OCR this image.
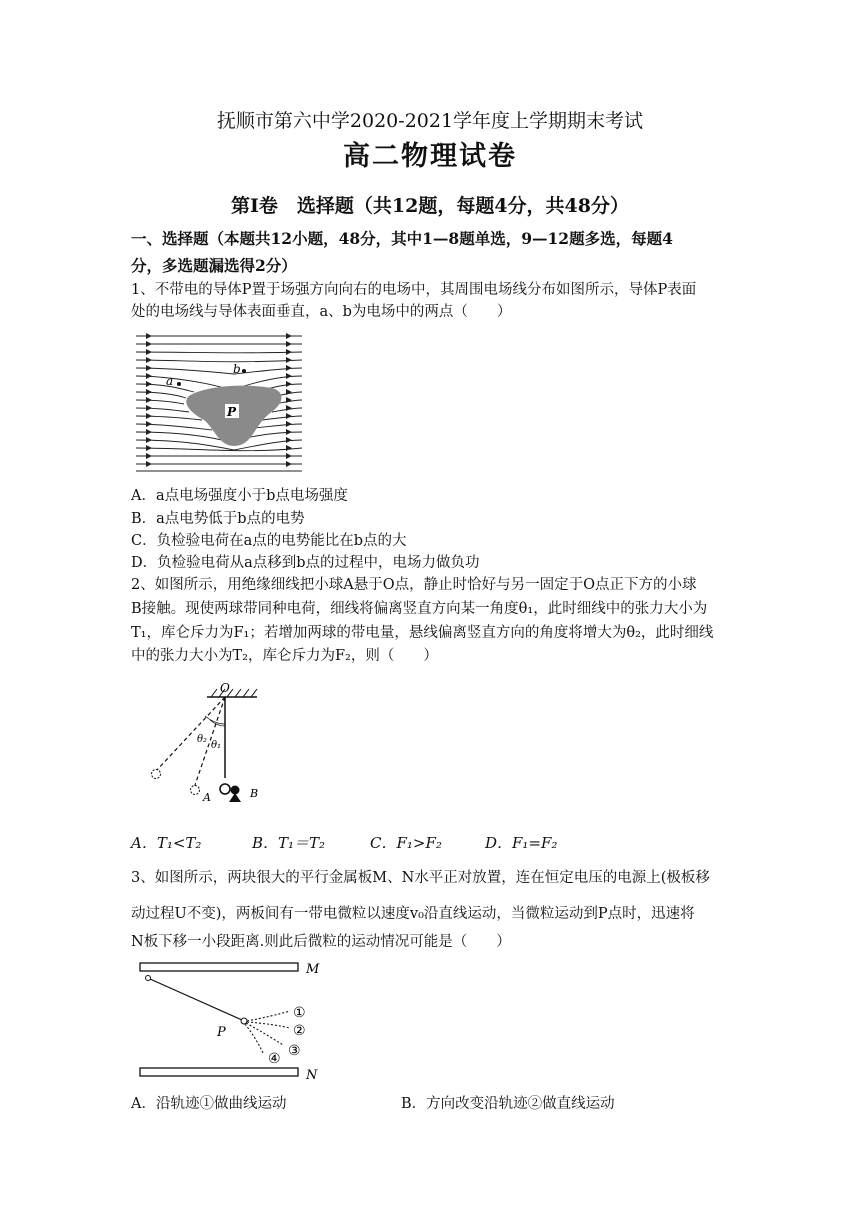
抚顺市第六中学2020-2021学年度上学期期末考试
高二物理试卷
第Ⅰ卷　选择题（共12题，每题4分，共48分）
一、选择题（本题共12小题，48分，其中1—8题单选，9—12题多选，每题4
分，多选题漏选得2分）
1、不带电的导体P置于场强方向向右的电场中，其周围电场线分布如图所示，导体P表面
处的电场线与导体表面垂直，a、b为电场中的两点（　　）
P
a
b
A．a点电场强度小于b点电场强度
B．a点电势低于b点的电势
C．负检验电荷在a点的电势能比在b点的大
D．负检验电荷从a点移到b点的过程中，电场力做负功
2、如图所示，用绝缘细线把小球A悬于O点，静止时恰好与另一固定于O点正下方的小球
B接触。现使两球带同种电荷，细线将偏离竖直方向某一角度θ₁，此时细线中的张力大小为
T₁，库仑斥力为F₁；若增加两球的带电量，悬线偏离竖直方向的角度将增大为θ₂，此时细线
中的张力大小为T₂，库仑斥力为F₂，则（　　）
O
θ₂
θ₁
A	B
A．T₁<T₂	B．T₁＝T₂	C．F₁>F₂	D．F₁=F₂
3、如图所示，两块很大的平行金属板M、N水平正对放置，连在恒定电压的电源上(极板移
动过程U不变)，两板间有一带电微粒以速度v₀沿直线运动，当微粒运动到P点时，迅速将
N板下移一小段距离.则此后微粒的运动情况可能是（　　）
M
N
P
①
②
③
④
A．沿轨迹①做曲线运动	B．方向改变沿轨迹②做直线运动
